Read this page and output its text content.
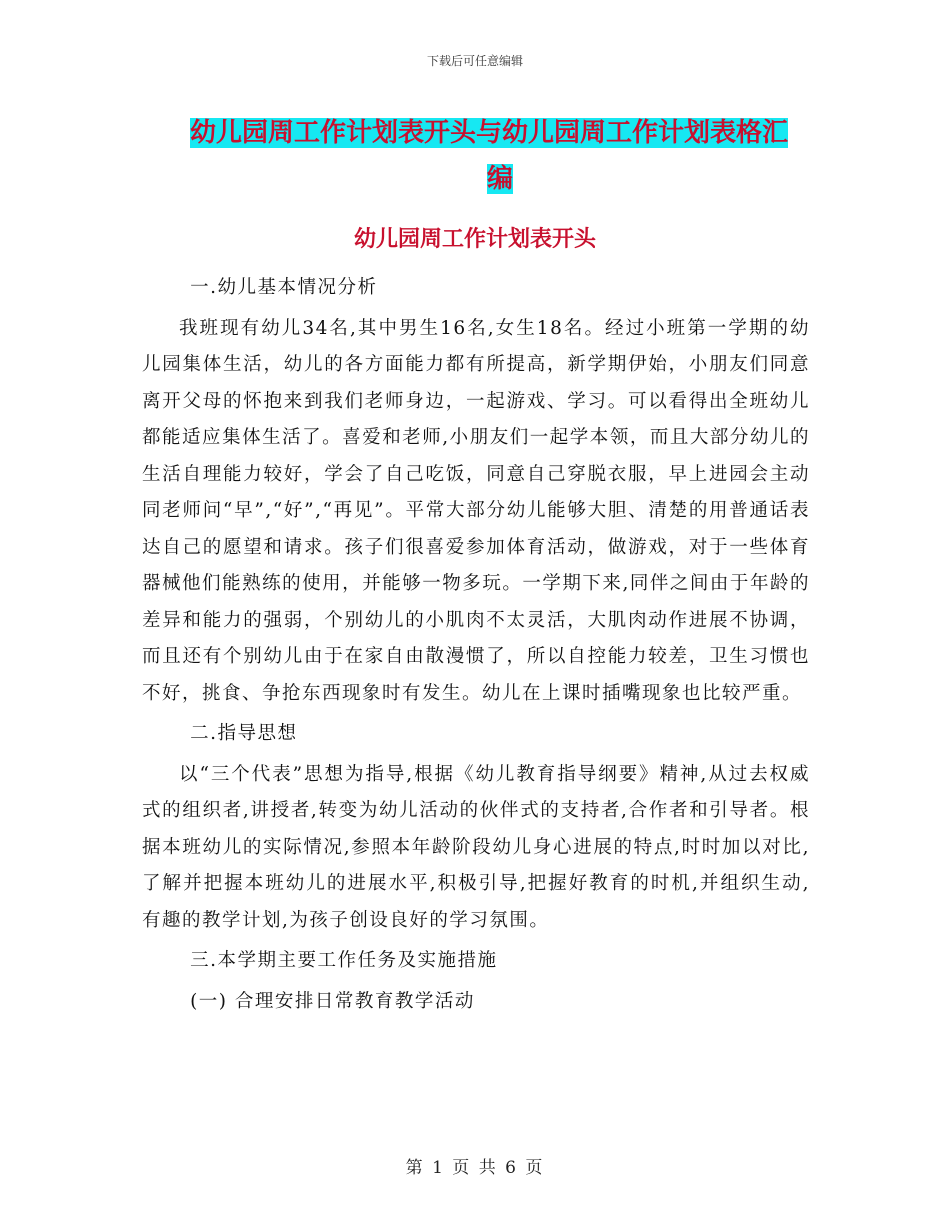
下载后可任意编辑
幼儿园周工作计划表开头与幼儿园周工作计划表格汇
编
幼儿园周工作计划表开头

一.幼儿基本情况分析

我班现有幼儿34名,其中男生16名,女生18名。经过小班第一学期的幼儿园集体生活，幼儿的各方面能力都有所提高，新学期伊始，小朋友们同意离开父母的怀抱来到我们老师身边，一起游戏、学习。可以看得出全班幼儿都能适应集体生活了。喜爱和老师,小朋友们一起学本领，而且大部分幼儿的生活自理能力较好，学会了自己吃饭，同意自己穿脱衣服，早上进园会主动同老师问“早”,“好”,“再见”。平常大部分幼儿能够大胆、清楚的用普通话表达自己的愿望和请求。孩子们很喜爱参加体育活动，做游戏，对于一些体育器械他们能熟练的使用，并能够一物多玩。一学期下来,同伴之间由于年龄的差异和能力的强弱，个别幼儿的小肌肉不太灵活，大肌肉动作进展不协调，而且还有个别幼儿由于在家自由散漫惯了，所以自控能力较差，卫生习惯也不好，挑食、争抢东西现象时有发生。幼儿在上课时插嘴现象也比较严重。

二.指导思想

以“三个代表”思想为指导,根据《幼儿教育指导纲要》精神,从过去权威式的组织者,讲授者,转变为幼儿活动的伙伴式的支持者,合作者和引导者。根据本班幼儿的实际情况,参照本年龄阶段幼儿身心进展的特点,时时加以对比,了解并把握本班幼儿的进展水平,积极引导,把握好教育的时机,并组织生动,有趣的教学计划,为孩子创设良好的学习氛围。

三.本学期主要工作任务及实施措施

(一) 合理安排日常教育教学活动

第 1 页 共 6 页
